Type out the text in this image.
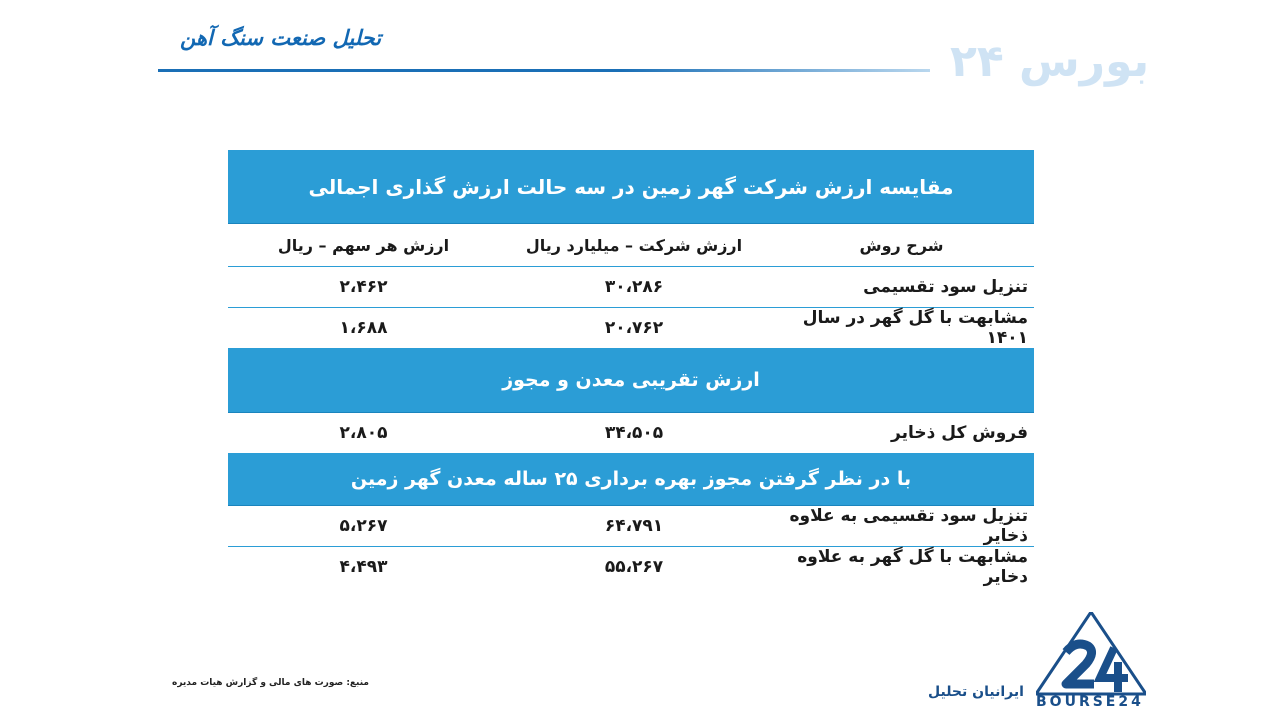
تحلیل صنعت سنگ آهن	بورس ۲۴
مقایسه ارزش شرکت گهر زمین در سه حالت ارزش گذاری اجمالی
شرح روش
ارزش شرکت – میلیارد ریال
ارزش هر سهم – ریال
تنزیل سود تقسیمی
۳۰،۲۸۶
۲،۴۶۲
مشابهت با گل گهر در سال ۱۴۰۱
۲۰،۷۶۲
۱،۶۸۸
ارزش تقریبی معدن و مجوز
فروش کل ذخایر
۳۴،۵۰۵
۲،۸۰۵
با در نظر گرفتن مجوز بهره برداری ۲۵ ساله معدن گهر زمین
تنزیل سود تقسیمی به علاوه ذخایر
۶۴،۷۹۱
۵،۲۶۷
مشابهت با گل گهر به علاوه دخایر
۵۵،۲۶۷
۴،۴۹۳
منبع: صورت های مالی و گزارش هیات مدیره
ایرانیان تحلیل
BOURSE24
